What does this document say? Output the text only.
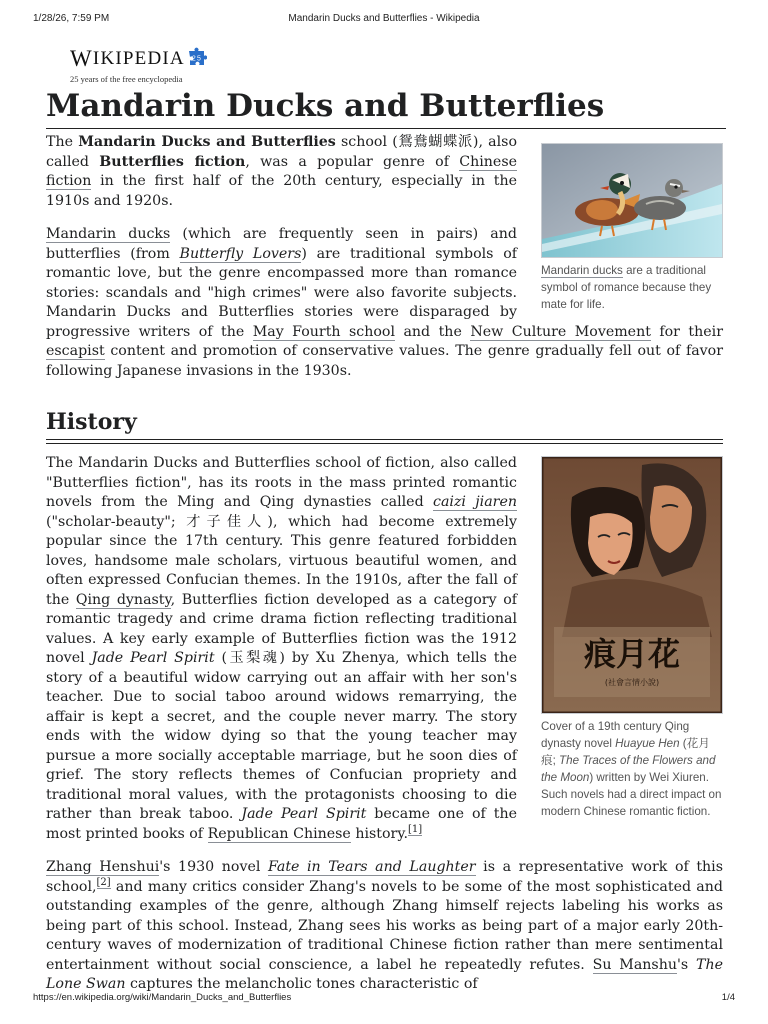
1/28/26, 7:59 PM	Mandarin Ducks and Butterflies - Wikipedia
W IKIPEDIA 25
25 years of the free encyclopedia
Mandarin Ducks and Butterflies
Mandarin ducks are a traditional symbol of romance because they mate for life.

The Mandarin Ducks and Butterflies school (鴛鴦蝴蝶派), also called Butterflies fiction, was a popular genre of Chinese fiction in the first half of the 20th century, especially in the 1910s and 1920s.

Mandarin ducks (which are frequently seen in pairs) and butterflies (from Butterfly Lovers) are traditional symbols of romantic love, but the genre encompassed more than romance stories: scandals and "high crimes" were also favorite subjects. Mandarin Ducks and Butterflies stories were disparaged by progressive writers of the May Fourth school and the New Culture Movement for their escapist content and promotion of conservative values. The genre gradually fell out of favor following Japanese invasions in the 1930s.

History
痕月花
(社會言情小說)
Cover of a 19th century Qing dynasty novel Huayue Hen (花月痕; The Traces of the Flowers and the Moon) written by Wei Xiuren. Such novels had a direct impact on modern Chinese romantic fiction.

The Mandarin Ducks and Butterflies school of fiction, also called "Butterflies fiction", has its roots in the mass printed romantic novels from the Ming and Qing dynasties called caizi jiaren ("scholar-beauty"; 才子佳人), which had become extremely popular since the 17th century. This genre featured forbidden loves, handsome male scholars, virtuous beautiful women, and often expressed Confucian themes. In the 1910s, after the fall of the Qing dynasty, Butterflies fiction developed as a category of romantic tragedy and crime drama fiction reflecting traditional values. A key early example of Butterflies fiction was the 1912 novel Jade Pearl Spirit (玉梨魂) by Xu Zhenya, which tells the story of a beautiful widow carrying out an affair with her son's teacher. Due to social taboo around widows remarrying, the affair is kept a secret, and the couple never marry. The story ends with the widow dying so that the young teacher may pursue a more socially acceptable marriage, but he soon dies of grief. The story reflects themes of Confucian propriety and traditional moral values, with the protagonists choosing to die rather than break taboo. Jade Pearl Spirit became one of the most printed books of Republican Chinese history.[1]

Zhang Henshui's 1930 novel Fate in Tears and Laughter is a representative work of this school,[2] and many critics consider Zhang's novels to be some of the most sophisticated and outstanding examples of the genre, although Zhang himself rejects labeling his works as being part of this school. Instead, Zhang sees his works as being part of a major early 20th-century waves of modernization of traditional Chinese fiction rather than mere sentimental entertainment without social conscience, a label he repeatedly refutes. Su Manshu's The Lone Swan captures the melancholic tones characteristic of

https://en.wikipedia.org/wiki/Mandarin_Ducks_and_Butterflies	1/4
